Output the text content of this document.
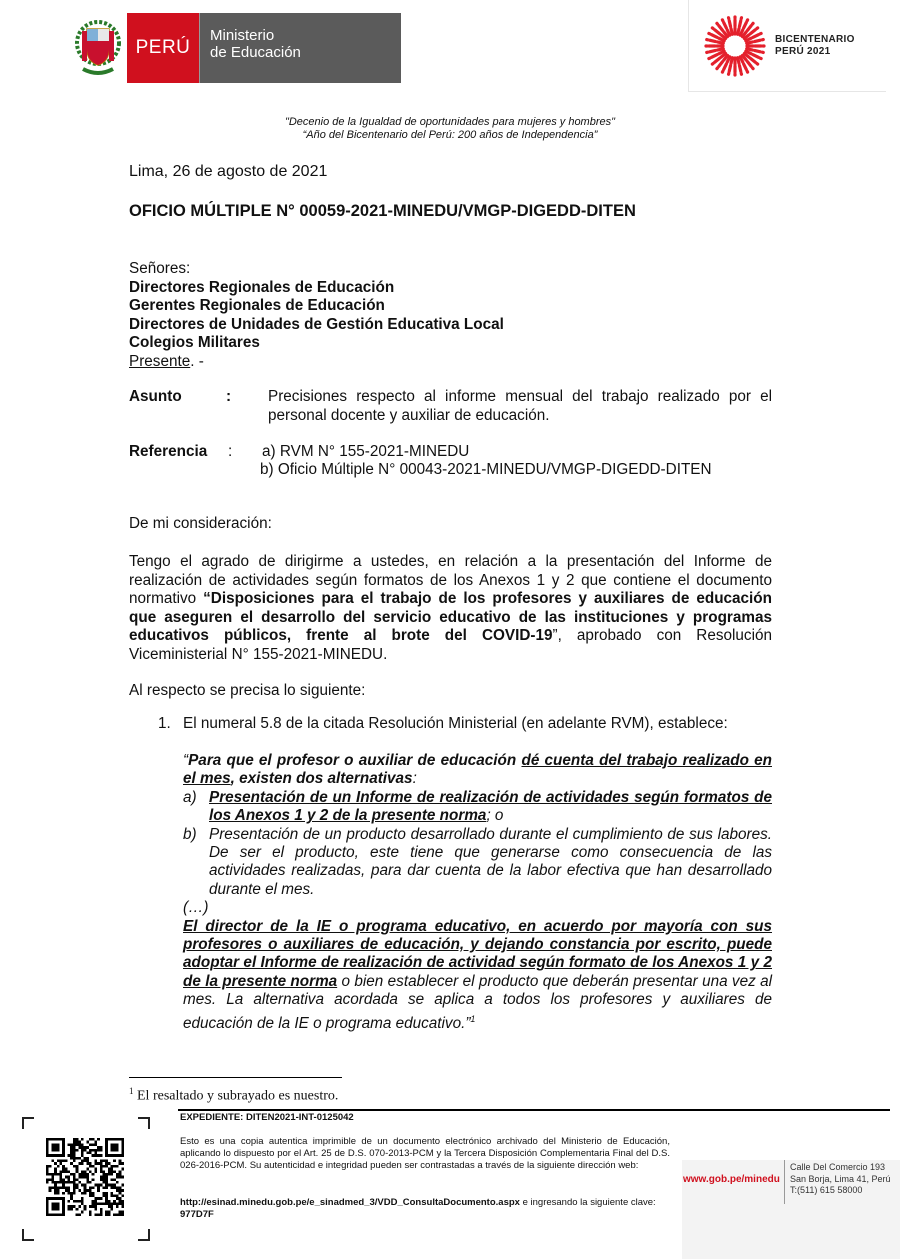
PERÚ
Ministerio
de Educación
BICENTENARIO
PERÚ 2021
"Decenio de la Igualdad de oportunidades para mujeres y hombres"
“Año del Bicentenario del Perú: 200 años de Independencia”
Lima, 26 de agosto de 2021
OFICIO MÚLTIPLE N° 00059-2021-MINEDU/VMGP-DIGEDD-DITEN
Señores:
Directores Regionales de Educación
Gerentes Regionales de Educación
Directores de Unidades de Gestión Educativa Local
Colegios Militares
Presente. -
Asunto	: Precisiones respecto al informe mensual del trabajo realizado por el personal docente y auxiliar de educación.
Referencia : a) RVM N° 155-2021-MINEDU
b) Oficio Múltiple N° 00043-2021-MINEDU/VMGP-DIGEDD-DITEN
De mi consideración:
Tengo el agrado de dirigirme a ustedes, en relación a la presentación del Informe de realización de actividades según formatos de los Anexos 1 y 2 que contiene el documento normativo “Disposiciones para el trabajo de los profesores y auxiliares de educación que aseguren el desarrollo del servicio educativo de las instituciones y programas educativos públicos, frente al brote del COVID-19”, aprobado con Resolución Viceministerial N° 155-2021-MINEDU.
Al respecto se precisa lo siguiente:
1. El numeral 5.8 de la citada Resolución Ministerial (en adelante RVM), establece:
“Para que el profesor o auxiliar de educación dé cuenta del trabajo realizado en el mes, existen dos alternativas:
a) Presentación de un Informe de realización de actividades según formatos de los Anexos 1 y 2 de la presente norma; o
b) Presentación de un producto desarrollado durante el cumplimiento de sus labores. De ser el producto, este tiene que generarse como consecuencia de las actividades realizadas, para dar cuenta de la labor efectiva que han desarrollado durante el mes.
(…)
El director de la IE o programa educativo, en acuerdo por mayoría con sus profesores o auxiliares de educación, y dejando constancia por escrito, puede adoptar el Informe de realización de actividad según formato de los Anexos 1 y 2 de la presente norma o bien establecer el producto que deberán presentar una vez al mes. La alternativa acordada se aplica a todos los profesores y auxiliares de educación de la IE o programa educativo.”$^1$
$^1$ El resaltado y subrayado es nuestro.
EXPEDIENTE: DITEN2021-INT-0125042
Esto es una copia autentica imprimible de un documento electrónico archivado del Ministerio de Educación, aplicando lo dispuesto por el Art. 25 de D.S. 070-2013-PCM y la Tercera Disposición Complementaria Final del D.S. 026-2016-PCM. Su autenticidad e integridad pueden ser contrastadas a través de la siguiente dirección web:
http://esinad.minedu.gob.pe/e_sinadmed_3/VDD_ConsultaDocumento.aspx e ingresando la siguiente clave: 977D7F
www.gob.pe/minedu
Calle Del Comercio 193
San Borja, Lima 41, Perú
T:(511) 615 58000
